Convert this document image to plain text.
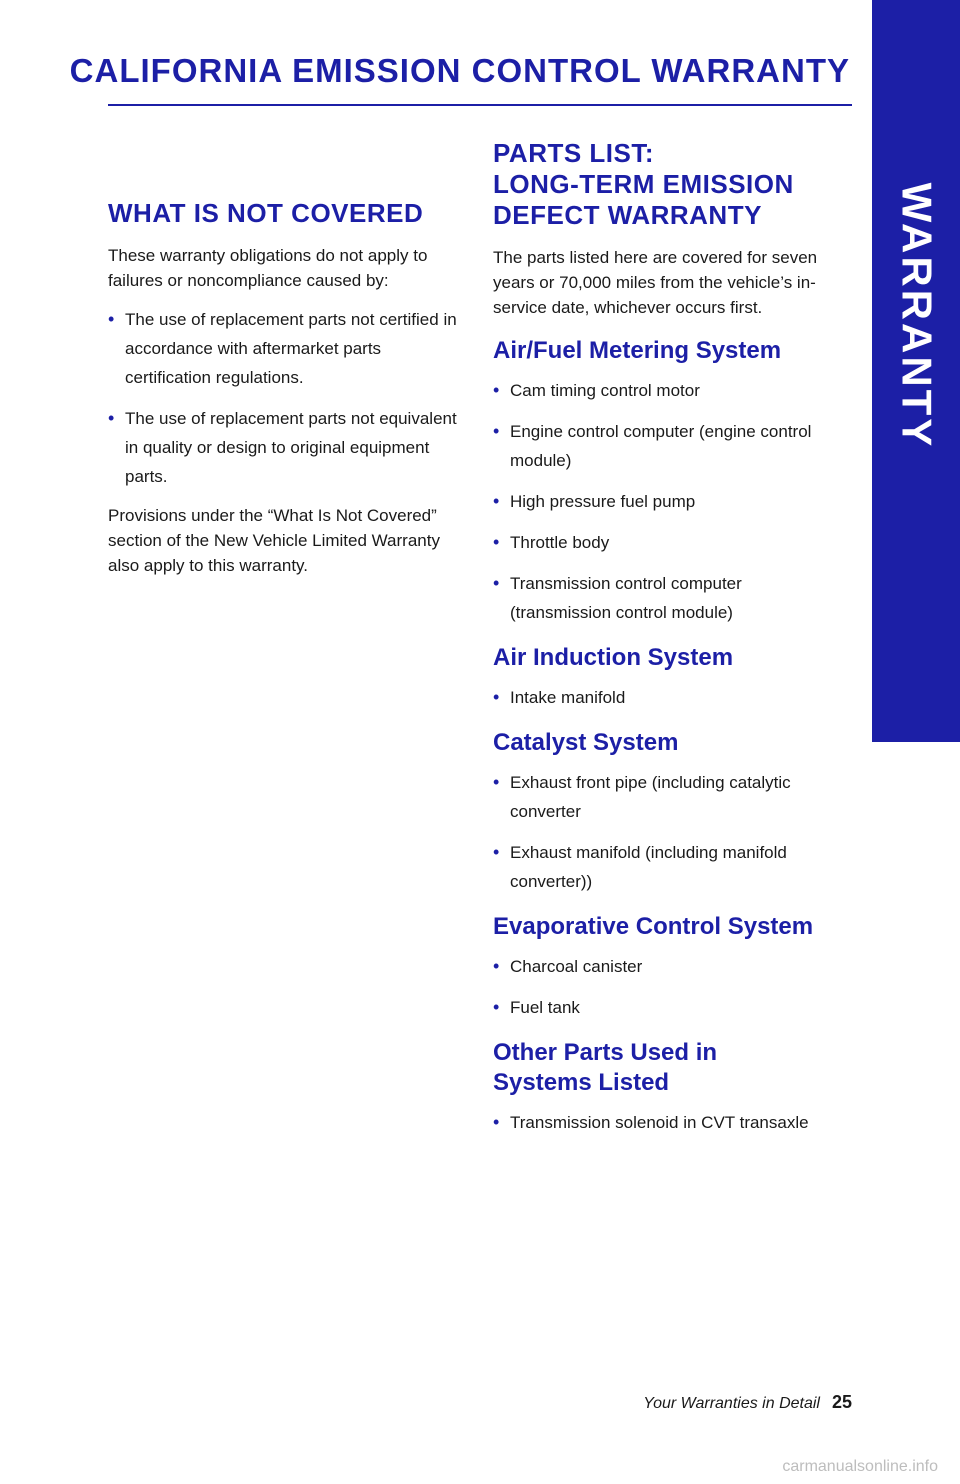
WARRANTY
CALIFORNIA EMISSION CONTROL WARRANTY
WHAT IS NOT COVERED

These warranty obligations do not apply to failures or noncompliance caused by:

• The use of replacement parts not certified in accordance with aftermarket parts certification regulations.
• The use of replacement parts not equivalent in quality or design to original equipment parts.

Provisions under the “What Is Not Covered” section of the New Vehicle Limited Warranty also apply to this warranty.

PARTS LIST:
LONG-TERM EMISSION
DEFECT WARRANTY

The parts listed here are covered for seven years or 70,000 miles from the vehicle’s in-service date, whichever occurs first.

Air/Fuel Metering System
• Cam timing control motor
• Engine control computer (engine control module)
• High pressure fuel pump
• Throttle body
• Transmission control computer (transmission control module)
Air Induction System
• Intake manifold
Catalyst System
• Exhaust front pipe (including catalytic converter
• Exhaust manifold (including manifold converter))
Evaporative Control System
• Charcoal canister
• Fuel tank
Other Parts Used in
Systems Listed
• Transmission solenoid in CVT transaxle
Your Warranties in Detail 25
carmanualsonline.info
